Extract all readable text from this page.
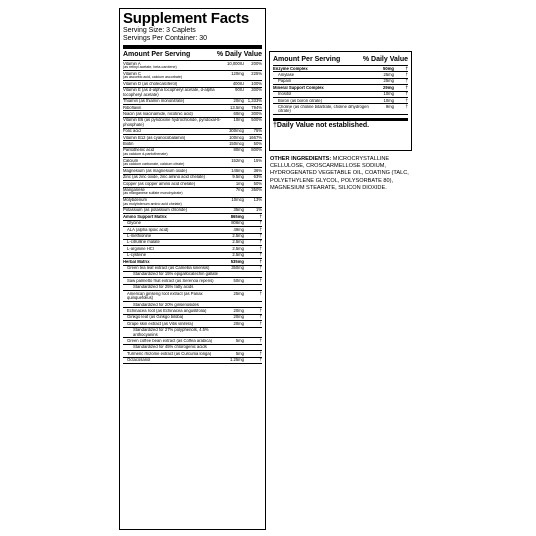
Supplement Facts
Serving Size: 3 Caplets
Servings Per Container: 30
Amount Per Serving	% Daily Value
Vitamin A
(as retinyl acetate, beta-carotene)
10,000IU	200%
Vitamin C
(as ascorbic acid, calcium ascorbate)
120mg	225%
Vitamin D (as cholecalciferol)	400IU	100%
Vitamin E (as d-alpha tocopheryl acetate, d-alpha tocopheryl acetate)
90IU	300%
Thiamin (as thiamin mononitrate)	20mg 1,333%
Riboflavin	13.5mg	794%
Niacin (as niacinamide, nicotinic acid)	60mg	300%
Vitamin B6 (as pyridoxine hydrochloride, pyridoxal-5-phosphate)
10mg	500%
Folic acid	300mcg	75%
Vitamin B12 (as cyanocobalamin)	100mcg	1667%
Biotin	150mcg	50%
Pantothenic acid
(as calcium d-pantothenate)
80mg	800%
Calcium
(as calcium carbonate, calcium citrate)
152mg	15%
Magnesium (as magnesium oxide)	145mg	36%
Zinc (as zinc oxide, zinc amino acid chelate)	9.5mg	63%
Copper (as copper amino acid chelate)	1mg	50%
Manganese
(as manganese sulfate monohydrate)
7mg	350%
Molybdenum
(as molybdenum amino acid chelate)
10mcg	13%
Potassium (as potassium chloride)	35mg	1%
Amino Support Matrix	865mg	†
Glycine	806mg	†
ALA (alpha lipoic acid)	49mg	†
L-methionine	2.5mg	†
L-citrulline malate	2.5mg	†
L-arginine HCl	2.5mg	†
L-cysteine	2.5mg	†
Herbal Matrix	535mg	†
Green tea leaf extract (as Camellia sinensis)	350mg	†
Standardized for 15% epigallocatechin gallate
Saw palmetto fruit extract (as Serenoa repens)	50mg	†
Standardized for 25% fatty acids
American ginseng root extract (as Panax quinquefolius)
25mg	†
Standardized for 20% ginsenosides
Echinacea root (as Echinacea angustifolia)	20mg	†
Ginkgo leaf (as Ginkgo biloba)	20mg	†
Grape skin extract (as Vitis vinifera)	20mg	†
Standardized for 27% polyphenols, 4.5% anthocyanins
Green coffee bean extract (as Coffea arabica)	5mg	†
Standardized for 45% chlorogenic acids
Turmeric rhizome extract (as Curcuma longa)	5mg	†
Octacosanol	1.25mg	†
Amount Per Serving	% Daily Value
Enzyme Complex	50mg	†
Amylase	25mg	†
Papain	25mg	†
Mineral Support Complex	29mg	†
Inositol	10mg	†
Boron (as boron citrate)	10mg	†
Choline (as choline bitartrate, choline dihydrogen citrate)
9mg	†
†Daily Value not established.
OTHER INGREDIENTS: MICROCRYSTALLINE CELLULOSE, CROSCARMELLOSE SODIUM, HYDROGENATED VEGETABLE OIL, COATING (TALC, POLYETHYLENE GLYCOL, POLYSORBATE 80), MAGNESIUM STEARATE, SILICON DIOXIDE.
